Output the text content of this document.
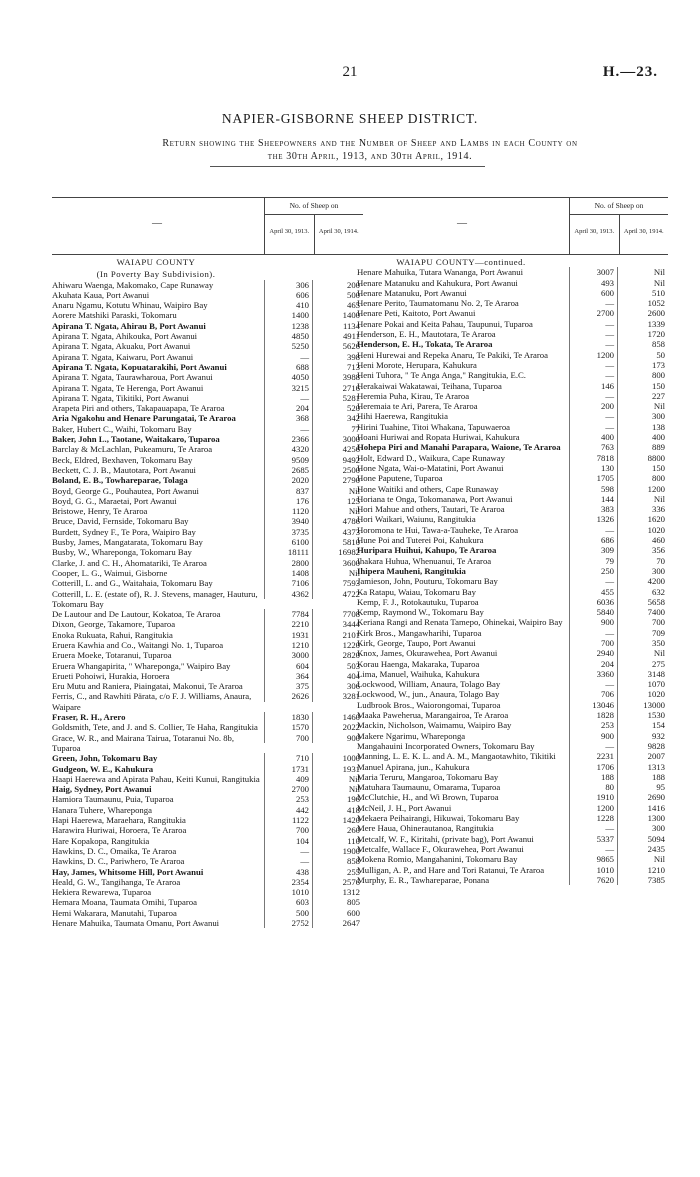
21	H.—23.
NAPIER-GISBORNE SHEEP DISTRICT.
Return showing the Sheepowners and the Number of Sheep and Lambs in each County on
the 30th April, 1913, and 30th April, 1914.
—
No. of Sheep on
April 30, 1913.	April 30, 1914.
WAIAPU COUNTY
(In Poverty Bay Subdivision).
Ahiwaru Waenga, Makomako, Cape Runaway	306	200
Akuhata Kaua, Port Awanui	606	500
Anaru Ngamu, Kotutu Whinau, Waipiro Bay	410	465
Aorere Matshiki Paraski, Tokomaru	1400	1400
Apirana T. Ngata, Ahirau B, Port Awanui	1238	1134
Apirana T. Ngata, Ahikouka, Port Awanui	4850	4911
Apirana T. Ngata, Akuaku, Port Awanui	5250	5626
Apirana T. Ngata, Kaiwaru, Port Awanui	—	398
Apirana T. Ngata, Kopuatarakihi, Port Awanui	688	713
Apirana T. Ngata, Taurawharoua, Port Awanui	4050	3988
Apirana T. Ngata, Te Herenga, Port Awanui	3215	2716
Apirana T. Ngata, Tikitiki, Port Awanui	—	5281
Arapeta Piri and others, Takapauapapa, Te Araroa	204	520
Aria Ngakohu and Henare Parungatai, Te Araroa	368	342
Baker, Hubert C., Waihi, Tokomaru Bay	—	77
Baker, John L., Taotane, Waitakaro, Tuparoa	2366	3000
Barclay & McLachlan, Pukeamuru, Te Araroa	4320	4256
Beck, Eldred, Bexhaven, Tokomaru Bay	9509	9492
Beckett, C. J. B., Mautotara, Port Awanui	2685	2500
Boland, E. B., Towhareparae, Tolaga	2020	2790
Boyd, George G., Pouhautea, Port Awanui	837	Nil
Boyd, G. G., Maraetai, Port Awanui	176	125
Bristowe, Henry, Te Araroa	1120	Nil
Bruce, David, Fernside, Tokomaru Bay	3940	4786
Burdett, Sydney F., Te Pora, Waipiro Bay	3735	4373
Busby, James, Mangatarata, Tokomaru Bay	6100	5810
Busby, W., Whareponga, Tokomaru Bay	18111	16982
Clarke, J. and C. H., Ahomatariki, Te Araroa	2800	3600
Cooper, L. G., Waimui, Gisborne	1408	Nil
Cotterill, L. and G., Waitahaia, Tokomaru Bay	7106	7593
Cotterill, L. E. (estate of), R. J. Stevens, manager, Hauturu, Tokomaru Bay
4362	4722
De Lautour and De Lautour, Kokatoa, Te Araroa	7784	7708
Dixon, George, Takamore, Tuparoa	2210	3444
Enoka Rukuata, Rahui, Rangitukia	1931	2101
Eruera Kawhia and Co., Waitangi No. 1, Tuparoa	1210	1220
Eruera Moeke, Totaranui, Tuparoa	3000	2820
Eruera Whangapirita, " Whareponga," Waipiro Bay	604	503
Erueti Pohoiwi, Hurakia, Horoera	364	404
Eru Mutu and Raniera, Piaingatai, Makonui, Te Araroa	375	306
Ferris, C., and Rawhiti Pärata, c/o F. J. Williams, Anaura, Waipare
2626	3281
Fraser, R. H., Arero	1830	1460
Goldsmith, Tete, and J. and S. Collier, Te Haha, Rangitukia	1570	2022
Grace, W. R., and Mairana Tairua, Totaranui No. 8b, Tuparoa
700	900
Green, John, Tokomaru Bay	710	1000
Gudgeon, W. E., Kahukura	1731	1931
Haapi Haerewa and Apirata Pahau, Keiti Kunui, Rangitukia	409	Nil
Haig, Sydney, Port Awanui	2700	Nil
Hamiora Taumaunu, Puia, Tuparoa	253	196
Hanara Tuhere, Whareponga	442	418
Hapi Haerewa, Maraehara, Rangitukia	1122	1420
Harawira Huriwai, Horoera, Te Araroa	700	260
Hare Kopakopa, Rangitukia	104	110
Hawkins, D. C., Omaika, Te Araroa	—	1900
Hawkins, D. C., Pariwhero, Te Araroa	—	858
Hay, James, Whitsome Hill, Port Awanui	438	255
Heald, G. W., Tangihanga, Te Araroa	2354	2576
Hekiera Rewarewa, Tuparoa	1010	1312
Hemara Moana, Taumata Omihi, Tuparoa	603	805
Hemi Wakarara, Manutahi, Tuparoa	500	600
Henare Mahuika, Taumata Omanu, Port Awanui	2752	2647
—
No. of Sheep on
April 30, 1913.	April 30, 1914.
WAIAPU COUNTY—continued.
Henare Mahuika, Tutara Wananga, Port Awanui	3007	Nil
Henare Matanuku and Kahukura, Port Awanui	493	Nil
Henare Matanuku, Port Awanui	600	510
Henare Perito, Taumatomanu No. 2, Te Araroa	—	1052
Henare Peti, Kaitoto, Port Awanui	2700	2600
Henare Pokai and Keita Pahau, Taupunui, Tuparoa	—	1339
Henderson, E. H., Mautotara, Te Araroa	—	1720
Henderson, E. H., Tokata, Te Araroa	—	858
Heni Hurewai and Repeka Anaru, Te Pakiki, Te Araroa	1200	50
Heni Morote, Herupara, Kahukura	—	173
Heni Tuhora, " Te Anga Anga," Rangitukia, E.C.	—	800
Herakaiwai Wakatawai, Teihana, Tuparoa	146	150
Heremia Puha, Kirau, Te Araroa	—	227
Heremaia te Ari, Parera, Te Araroa	200	Nil
Hihi Haerewa, Rangitukia	—	300
Hirini Tuahine, Titoi Whakana, Tapuwaeroa	—	138
Hoani Huriwai and Ropata Huriwai, Kahukura	400	400
Hohepa Piri and Manahi Parapara, Waione, Te Araroa	763	889
Holt, Edward D., Waikura, Cape Runaway	7818	8800
Hone Ngata, Wai-o-Matatini, Port Awanui	130	150
Hone Paputene, Tuparoa	1705	800
Hone Waitiki and others, Cape Runaway	598	1200
Horiana te Onga, Tokomanawa, Port Awanui	144	Nil
Hori Mahue and others, Tautari, Te Araroa	383	336
Hori Waikari, Waiunu, Rangitukia	1326	1620
Horomona te Hui, Tawa-a-Tauheke, Te Araroa	—	1020
Hune Poi and Tuterei Poi, Kahukura	686	460
Huripara Huihui, Kahupo, Te Araroa	309	356
Ihakara Huhua, Whenuanui, Te Araroa	79	70
Ihipera Mauheni, Rangitukia	250	300
Jamieson, John, Pouturu, Tokomaru Bay	—	4200
Ka Ratapu, Waiau, Tokomaru Bay	455	632
Kemp, F. J., Rotokautuku, Tuparoa	6036	5658
Kemp, Raymond W., Tokomaru Bay	5840	7400
Keriana Rangi and Renata Tamepo, Ohinekai, Waipiro Bay	900	700
Kirk Bros., Mangawharihi, Tuparoa	—	709
Kirk, George, Taupo, Port Awanui	700	350
Knox, James, Okurawehea, Port Awanui	2940	Nil
Korau Haenga, Makaraka, Tuparoa	204	275
Lima, Manuel, Waihuka, Kahukura	3360	3148
Lockwood, William, Anaura, Tolago Bay	—	1070
Lockwood, W., jun., Anaura, Tolago Bay	706	1020
Ludbrook Bros., Waiorongomai, Tuparoa	13046	13000
Maaka Paweherua, Marangairoa, Te Araroa	1828	1530
Mackin, Nicholson, Waimamu, Waipiro Bay	253	154
Makere Ngarimu, Whareponga	900	932
Mangahauini Incorporated Owners, Tokomaru Bay	—	9828
Manning, L. E. K. L. and A. M., Mangaotawhito, Tikitiki	2231	2007
Manuel Apirana, jun., Kahukura	1706	1313
Maria Teruru, Mangaroa, Tokomaru Bay	188	188
Matuhara Taumaunu, Omarama, Tuparoa	80	95
McClutchie, H., and Wi Brown, Tuparoa	1910	2690
McNeil, J. H., Port Awanui	1200	1416
Mekaera Peihairangi, Hikuwai, Tokomaru Bay	1228	1300
Mere Haua, Ohinerautanoa, Rangitukia	—	300
Metcalf, W. F., Kiritahi, (private bag), Port Awanui	5337	5094
Metcalfe, Wallace F., Okurawehea, Port Awanui	—	2435
Mokena Romio, Mangahanini, Tokomaru Bay	9865	Nil
Mulligan, A. P., and Hare and Tori Ratanui, Te Araroa	1010	1210
Murphy, E. R., Tawhareparae, Ponana	7620	7385
